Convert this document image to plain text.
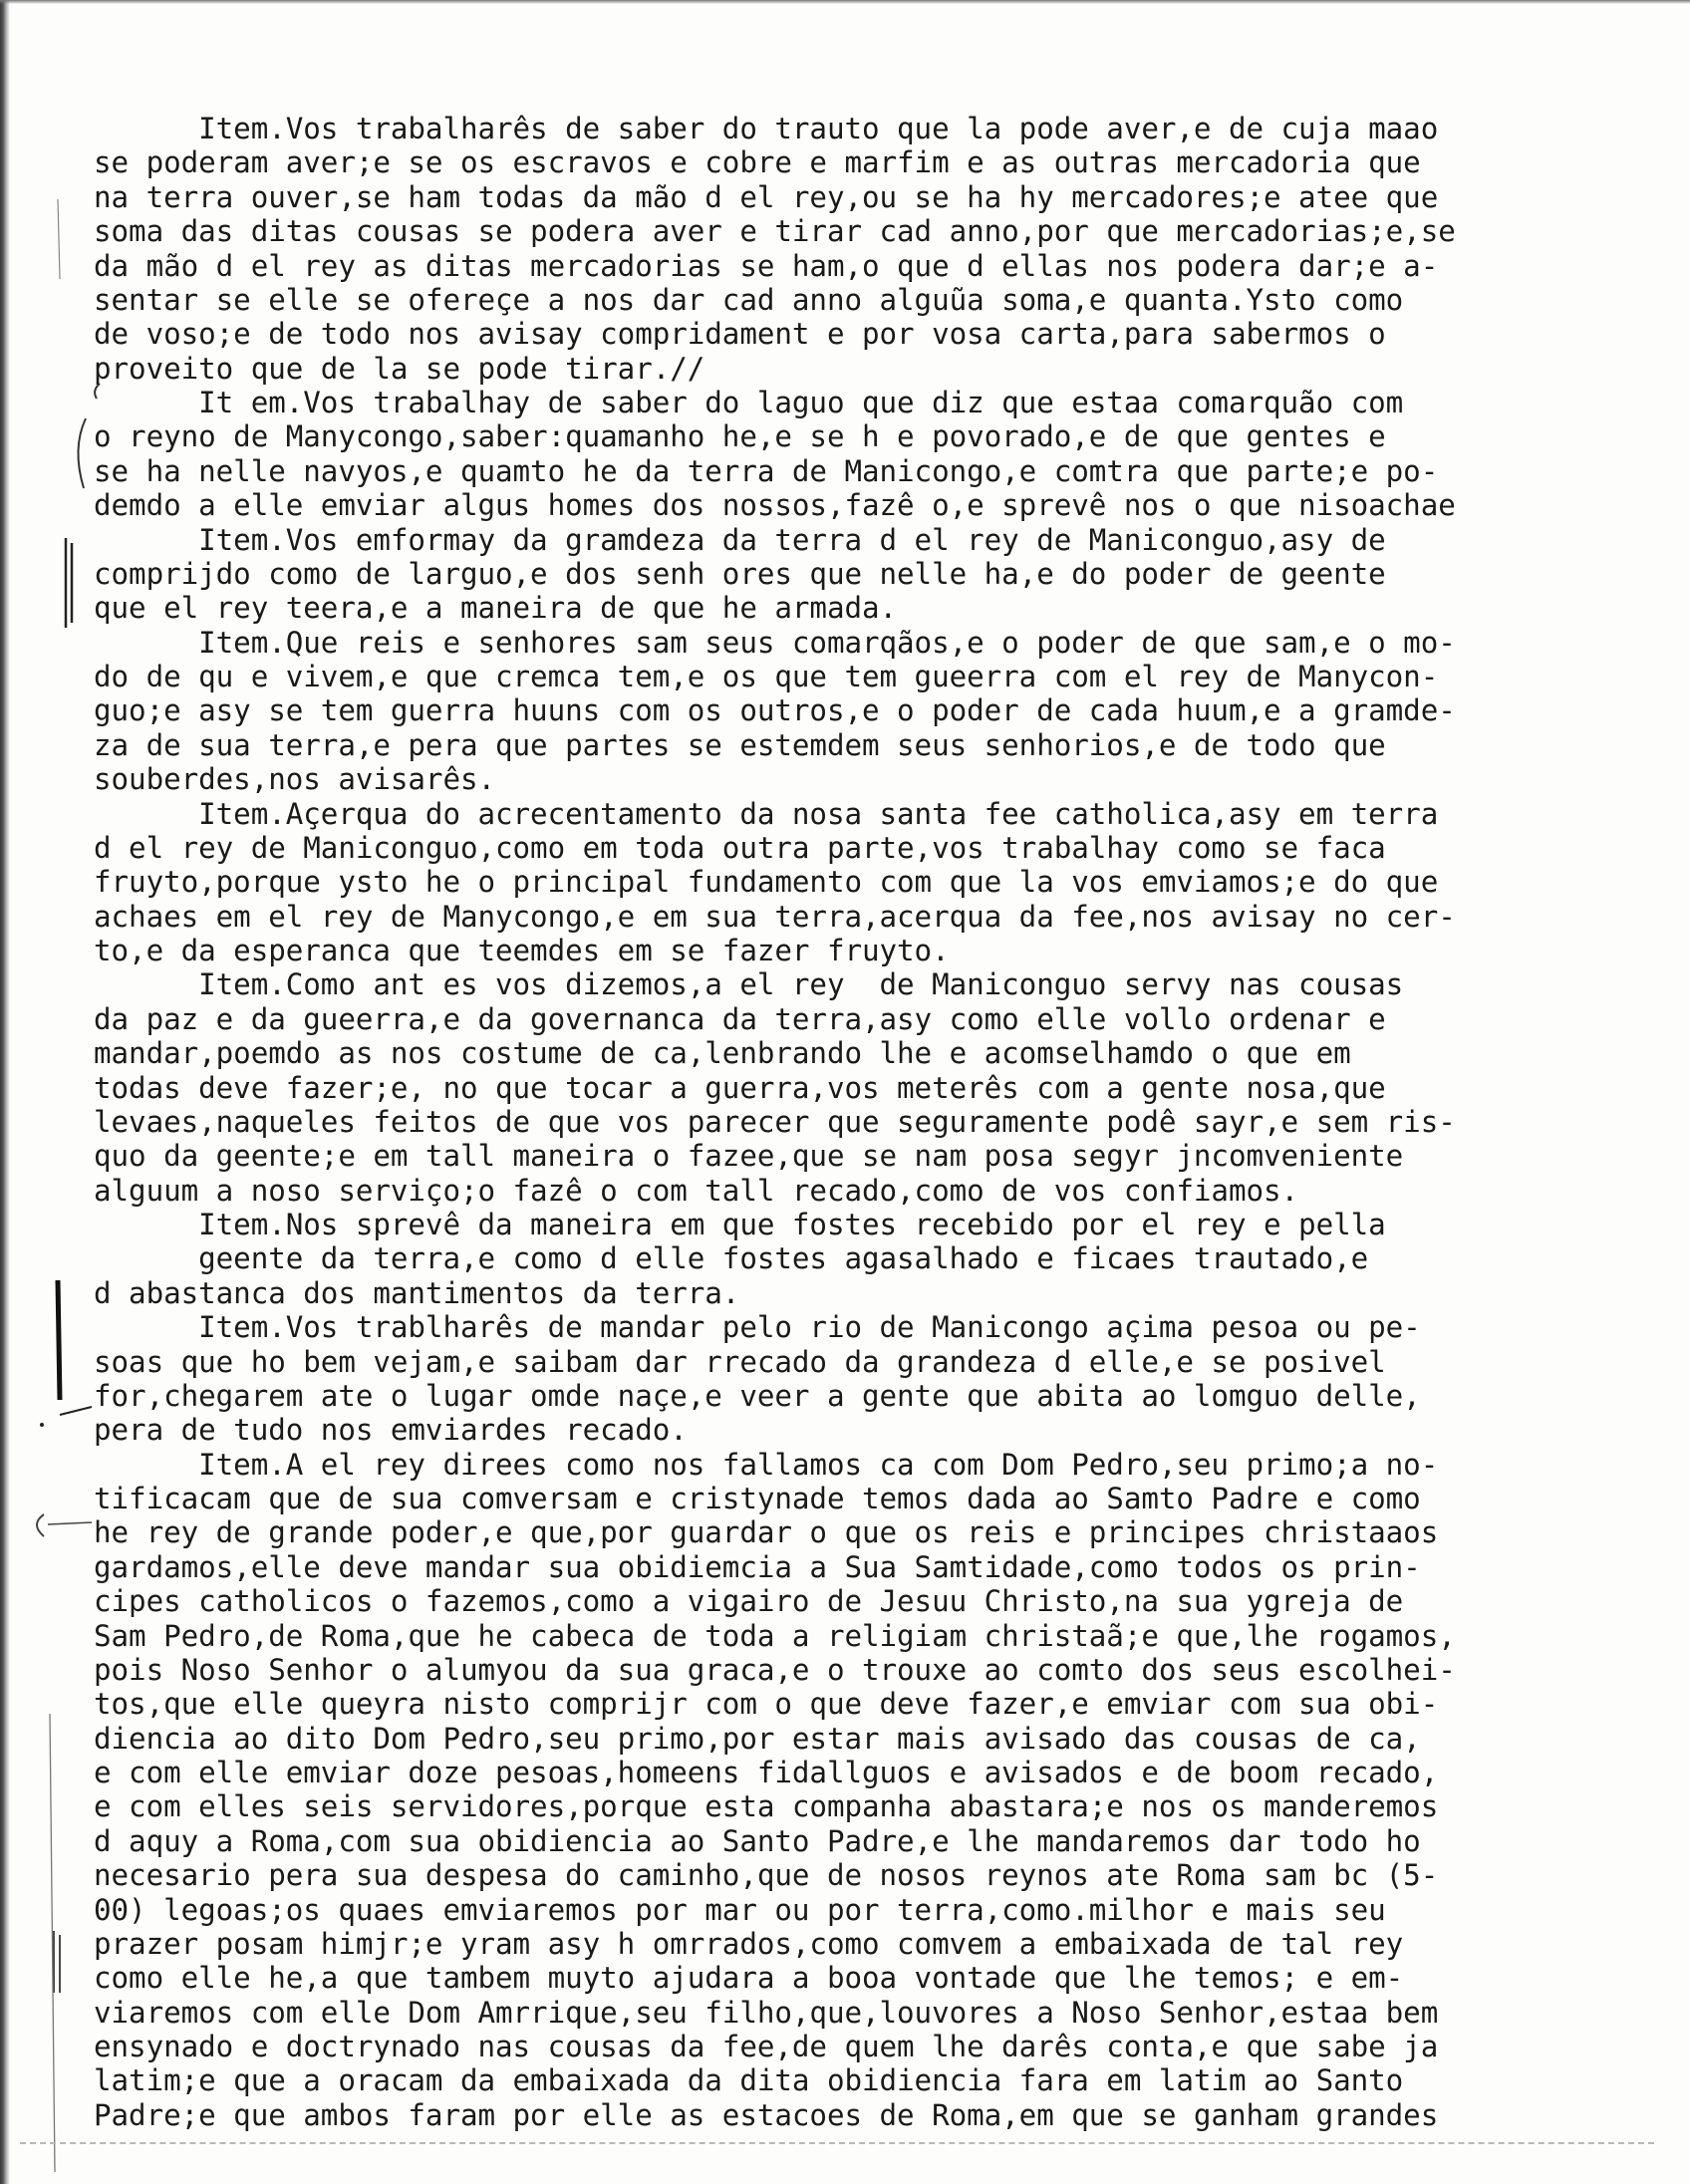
Item.Vos trabalharês de saber do trauto que la pode aver,e de cuja maao
se poderam aver;e se os escravos e cobre e marfim e as outras mercadoria que
na terra ouver,se ham todas da mão d el rey,ou se ha hy mercadores;e atee que
soma das ditas cousas se podera aver e tirar cad anno,por que mercadorias;e,se
da mão d el rey as ditas mercadorias se ham,o que d ellas nos podera dar;e a-
sentar se elle se ofereçe a nos dar cad anno alguũa soma,e quanta.Ysto como
de voso;e de todo nos avisay compridament e por vosa carta,para sabermos o
proveito que de la se pode tirar.//
It em.Vos trabalhay de saber do laguo que diz que estaa comarquão com
o reyno de Manycongo,saber:quamanho he,e se h e povorado,e de que gentes e
se ha nelle navyos,e quamto he da terra de Manicongo,e comtra que parte;e po-
demdo a elle emviar algus homes dos nossos,fazê o,e sprevê nos o que nisoachae
Item.Vos emformay da gramdeza da terra d el rey de Maniconguo,asy de
comprijdo como de larguo,e dos senh ores que nelle ha,e do poder de geente
que el rey teera,e a maneira de que he armada.
Item.Que reis e senhores sam seus comarqãos,e o poder de que sam,e o mo-
do de qu e vivem,e que cremca tem,e os que tem gueerra com el rey de Manycon-
guo;e asy se tem guerra huuns com os outros,e o poder de cada huum,e a gramde-
za de sua terra,e pera que partes se estemdem seus senhorios,e de todo que
souberdes,nos avisarês.
Item.Açerqua do acrecentamento da nosa santa fee catholica,asy em terra
d el rey de Maniconguo,como em toda outra parte,vos trabalhay como se faca
fruyto,porque ysto he o principal fundamento com que la vos emviamos;e do que
achaes em el rey de Manycongo,e em sua terra,acerqua da fee,nos avisay no cer-
to,e da esperanca que teemdes em se fazer fruyto.
Item.Como ant es vos dizemos,a el rey  de Maniconguo servy nas cousas
da paz e da gueerra,e da governanca da terra,asy como elle vollo ordenar e
mandar,poemdo as nos costume de ca,lenbrando lhe e acomselhamdo o que em
todas deve fazer;e, no que tocar a guerra,vos meterês com a gente nosa,que
levaes,naqueles feitos de que vos parecer que seguramente podê sayr,e sem ris-
quo da geente;e em tall maneira o fazee,que se nam posa segyr jncomveniente
alguum a noso serviço;o fazê o com tall recado,como de vos confiamos.
Item.Nos sprevê da maneira em que fostes recebido por el rey e pella
geente da terra,e como d elle fostes agasalhado e ficaes trautado,e
d abastanca dos mantimentos da terra.
Item.Vos trablharês de mandar pelo rio de Manicongo açima pesoa ou pe-
soas que ho bem vejam,e saibam dar rrecado da grandeza d elle,e se posivel
for,chegarem ate o lugar omde naçe,e veer a gente que abita ao lomguo delle,
pera de tudo nos emviardes recado.
Item.A el rey direes como nos fallamos ca com Dom Pedro,seu primo;a no-
tificacam que de sua comversam e cristynade temos dada ao Samto Padre e como
he rey de grande poder,e que,por guardar o que os reis e principes christaaos
gardamos,elle deve mandar sua obidiemcia a Sua Samtidade,como todos os prin-
cipes catholicos o fazemos,como a vigairo de Jesuu Christo,na sua ygreja de
Sam Pedro,de Roma,que he cabeca de toda a religiam christaã;e que,lhe rogamos,
pois Noso Senhor o alumyou da sua graca,e o trouxe ao comto dos seus escolhei-
tos,que elle queyra nisto comprijr com o que deve fazer,e emviar com sua obi-
diencia ao dito Dom Pedro,seu primo,por estar mais avisado das cousas de ca,
e com elle emviar doze pesoas,homeens fidallguos e avisados e de boom recado,
e com elles seis servidores,porque esta companha abastara;e nos os manderemos
d aquy a Roma,com sua obidiencia ao Santo Padre,e lhe mandaremos dar todo ho
necesario pera sua despesa do caminho,que de nosos reynos ate Roma sam bc (5-
00) legoas;os quaes emviaremos por mar ou por terra,como.milhor e mais seu
prazer posam himjr;e yram asy h omrrados,como comvem a embaixada de tal rey
como elle he,a que tambem muyto ajudara a booa vontade que lhe temos; e em-
viaremos com elle Dom Amrrique,seu filho,que,louvores a Noso Senhor,estaa bem
ensynado e doctrynado nas cousas da fee,de quem lhe darês conta,e que sabe ja
latim;e que a oracam da embaixada da dita obidiencia fara em latim ao Santo
Padre;e que ambos faram por elle as estacoes de Roma,em que se ganham grandes
